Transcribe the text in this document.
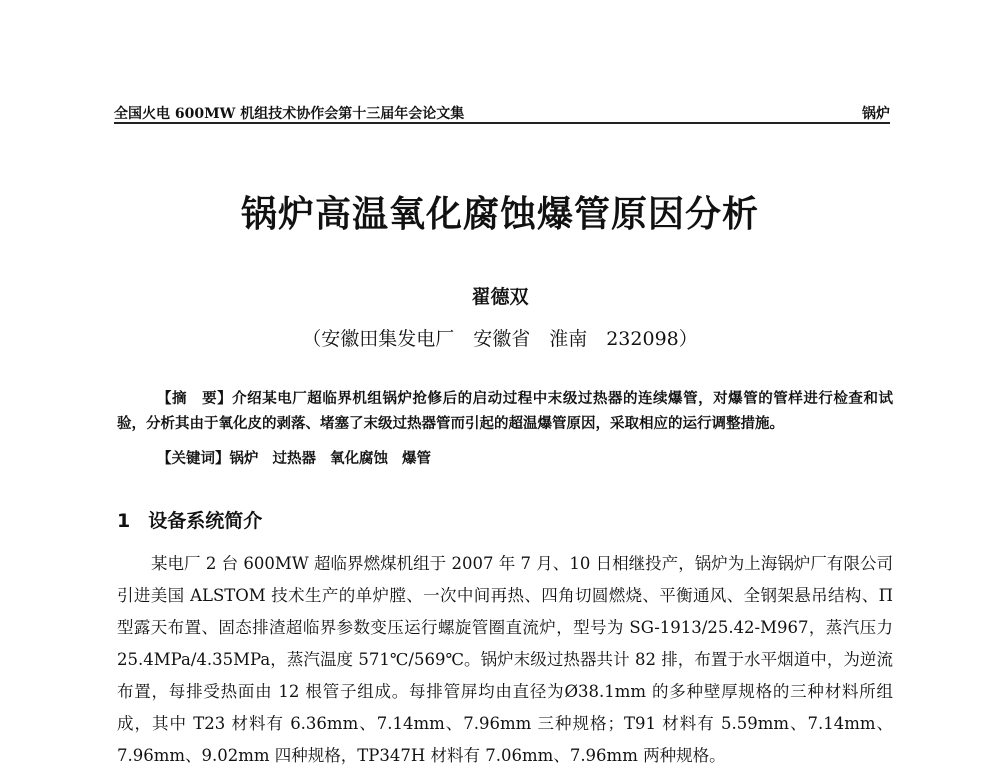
全国火电 600MW 机组技术协作会第十三届年会论文集	锅炉
锅炉高温氧化腐蚀爆管原因分析
翟德双
（安徽田集发电厂　安徽省　淮南　232098）
【摘　要】介绍某电厂超临界机组锅炉抢修后的启动过程中末级过热器的连续爆管，对爆管的管样进行检查和试验，分析其由于氧化皮的剥落、堵塞了末级过热器管而引起的超温爆管原因，采取相应的运行调整措施。
【关键词】锅炉 过热器 氧化腐蚀 爆管
1 设备系统简介
某电厂 2 台 600MW 超临界燃煤机组于 2007 年 7 月、10 日相继投产，锅炉为上海锅炉厂有限公司引进美国 ALSTOM 技术生产的单炉膛、一次中间再热、四角切圆燃烧、平衡通风、全钢架悬吊结构、Π 型露天布置、固态排渣超临界参数变压运行螺旋管圈直流炉，型号为 SG-1913/25.42-M967，蒸汽压力 25.4MPa/4.35MPa，蒸汽温度 571℃/569℃。锅炉末级过热器共计 82 排，布置于水平烟道中，为逆流布置，每排受热面由 12 根管子组成。每排管屏均由直径为Ø38.1mm 的多种壁厚规格的三种材料所组成，其中 T23 材料有 6.36mm、7.14mm、7.96mm 三种规格；T91 材料有 5.59mm、7.14mm、7.96mm、9.02mm 四种规格，TP347H 材料有 7.06mm、7.96mm 两种规格。
